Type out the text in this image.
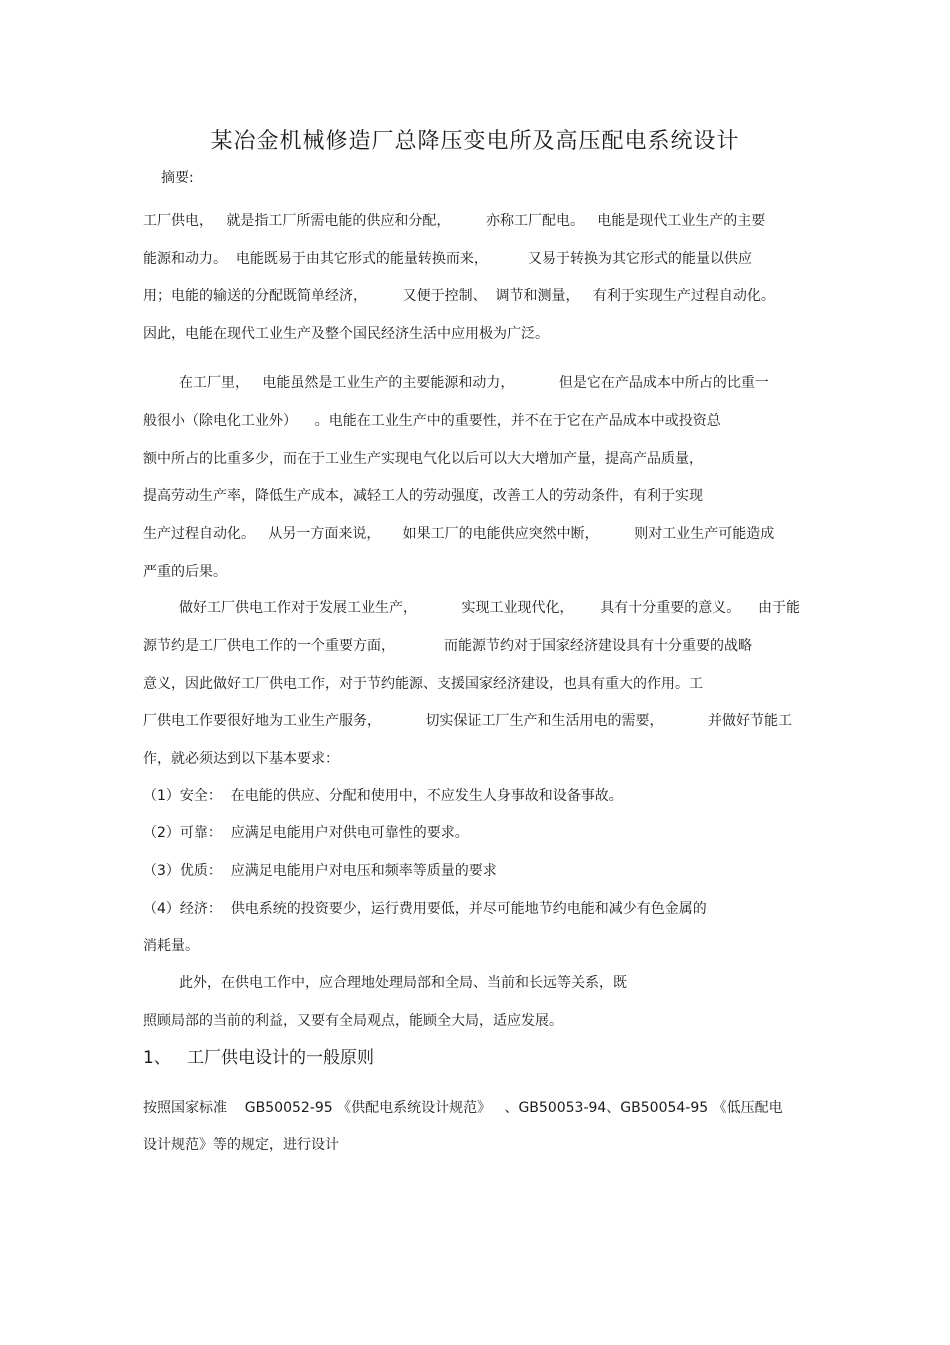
某冶金机械修造厂总降压变电所及高压配电系统设计

摘要:

工厂供电，   就是指工厂所需电能的供应和分配，        亦称工厂配电。   电能是现代工业生产的主要

能源和动力。  电能既易于由其它形式的能量转换而来，         又易于转换为其它形式的能量以供应

用；电能的输送的分配既简单经济，        又便于控制、  调节和测量，   有利于实现生产过程自动化。

因此，电能在现代工业生产及整个国民经济生活中应用极为广泛。

在工厂里，   电能虽然是工业生产的主要能源和动力，          但是它在产品成本中所占的比重一

般很小（除电化工业外）    。电能在工业生产中的重要性，并不在于它在产品成本中或投资总

额中所占的比重多少，而在于工业生产实现电气化以后可以大大增加产量，提高产品质量，

提高劳动生产率，降低生产成本，减轻工人的劳动强度，改善工人的劳动条件，有利于实现

生产过程自动化。   从另一方面来说，     如果工厂的电能供应突然中断，        则对工业生产可能造成

严重的后果。

做好工厂供电工作对于发展工业生产，          实现工业现代化，      具有十分重要的意义。    由于能

源节约是工厂供电工作的一个重要方面，           而能源节约对于国家经济建设具有十分重要的战略

意义，因此做好工厂供电工作，对于节约能源、支援国家经济建设，也具有重大的作用。工

厂供电工作要很好地为工业生产服务，          切实保证工厂生产和生活用电的需要，          并做好节能工

作，就必须达到以下基本要求：

（1）安全：  在电能的供应、分配和使用中，不应发生人身事故和设备事故。

（2）可靠：  应满足电能用户对供电可靠性的要求。

（3）优质：  应满足电能用户对电压和频率等质量的要求

（4）经济：  供电系统的投资要少，运行费用要低，并尽可能地节约电能和减少有色金属的

消耗量。

此外，在供电工作中，应合理地处理局部和全局、当前和长远等关系，既

照顾局部的当前的利益，又要有全局观点，能顾全大局，适应发展。

1、   工厂供电设计的一般原则

按照国家标准    GB50052-95 《供配电系统设计规范》   、GB50053-94、GB50054-95 《低压配电

设计规范》等的规定，进行设计
